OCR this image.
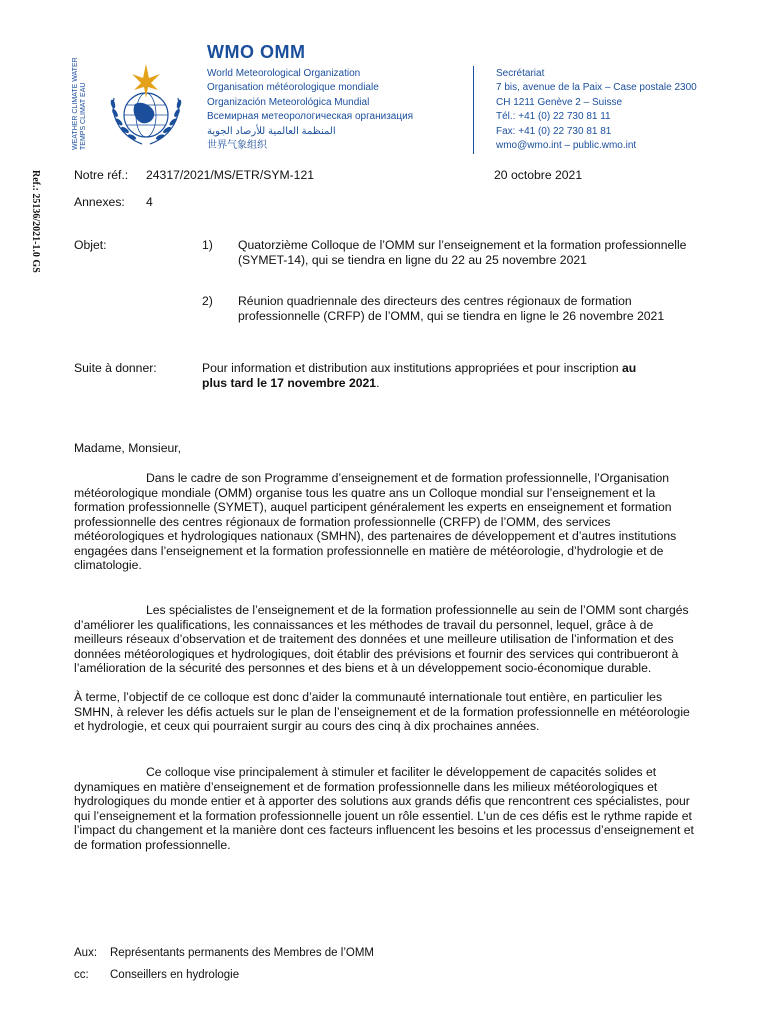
WEATHER CLIMATE WATER TEMPS CLIMAT EAU
WMO OMM
World Meteorological Organization
Organisation météorologique mondiale
Organización Meteorológica Mundial
Всемирная метеорологическая организация
المنظمة العالمية للأرصاد الجوية
世界气象组织
Secrétariat
7 bis, avenue de la Paix – Case postale 2300
CH 1211 Genève 2 – Suisse
Tél.: +41 (0) 22 730 81 11
Fax: +41 (0) 22 730 81 81
wmo@wmo.int – public.wmo.int
Ref.: 25136/2021-1.0 GS	Notre réf.: 24317/2021/MS/ETR/SYM-121	20 octobre 2021
Annexes: 4
Objet:	1) Quatorzième Colloque de l’OMM sur l’enseignement et la formation professionnelle (SYMET-14), qui se tiendra en ligne du 22 au 25 novembre 2021
2) Réunion quadriennale des directeurs des centres régionaux de formation professionnelle (CRFP) de l’OMM, qui se tiendra en ligne le 26 novembre 2021
Suite à donner:	Pour information et distribution aux institutions appropriées et pour inscription au plus tard le 17 novembre 2021.
Madame, Monsieur,
Dans le cadre de son Programme d’enseignement et de formation professionnelle, l’Organisation météorologique mondiale (OMM) organise tous les quatre ans un Colloque mondial sur l’enseignement et la formation professionnelle (SYMET), auquel participent généralement les experts en enseignement et formation professionnelle des centres régionaux de formation professionnelle (CRFP) de l’OMM, des services météorologiques et hydrologiques nationaux (SMHN), des partenaires de développement et d’autres institutions engagées dans l’enseignement et la formation professionnelle en matière de météorologie, d’hydrologie et de climatologie.
Les spécialistes de l’enseignement et de la formation professionnelle au sein de l’OMM sont chargés d’améliorer les qualifications, les connaissances et les méthodes de travail du personnel, lequel, grâce à de meilleurs réseaux d’observation et de traitement des données et une meilleure utilisation de l’information et des données météorologiques et hydrologiques, doit établir des prévisions et fournir des services qui contribueront à l’amélioration de la sécurité des personnes et des biens et à un développement socio-économique durable.
À terme, l’objectif de ce colloque est donc d’aider la communauté internationale tout entière, en particulier les SMHN, à relever les défis actuels sur le plan de l’enseignement et de la formation professionnelle en météorologie et hydrologie, et ceux qui pourraient surgir au cours des cinq à dix prochaines années.
Ce colloque vise principalement à stimuler et faciliter le développement de capacités solides et dynamiques en matière d’enseignement et de formation professionnelle dans les milieux météorologiques et hydrologiques du monde entier et à apporter des solutions aux grands défis que rencontrent ces spécialistes, pour qui l’enseignement et la formation professionnelle jouent un rôle essentiel. L’un de ces défis est le rythme rapide et l’impact du changement et la manière dont ces facteurs influencent les besoins et les processus d’enseignement et de formation professionnelle.
Aux: Représentants permanents des Membres de l’OMM
cc: Conseillers en hydrologie
